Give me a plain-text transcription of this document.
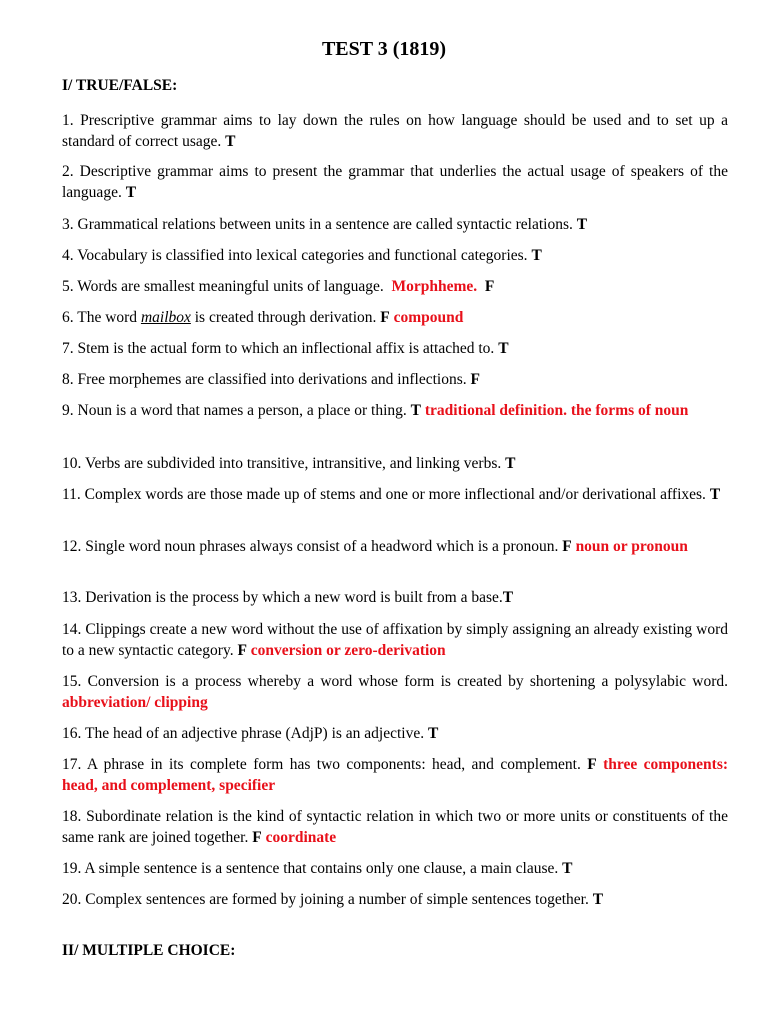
TEST 3 (1819)
I/ TRUE/FALSE:
1. Prescriptive grammar aims to lay down the rules on how language should be used and to set up a standard of correct usage. T
2. Descriptive grammar aims to present the grammar that underlies the actual usage of speakers of the language. T
3. Grammatical relations between units in a sentence are called syntactic relations. T
4. Vocabulary is classified into lexical categories and functional categories. T
5. Words are smallest meaningful units of language. Morphheme. F
6. The word mailbox is created through derivation. F compound
7. Stem is the actual form to which an inflectional affix is attached to. T
8. Free morphemes are classified into derivations and inflections. F
9. Noun is a word that names a person, a place or thing. T traditional definition. the forms of noun
10. Verbs are subdivided into transitive, intransitive, and linking verbs. T
11. Complex words are those made up of stems and one or more inflectional and/or derivational affixes. T
12. Single word noun phrases always consist of a headword which is a pronoun. F noun or pronoun
13. Derivation is the process by which a new word is built from a base.T
14. Clippings create a new word without the use of affixation by simply assigning an already existing word to a new syntactic category. F conversion or zero-derivation
15. Conversion is a process whereby a word whose form is created by shortening a polysylabic word. abbreviation/ clipping
16. The head of an adjective phrase (AdjP) is an adjective. T
17. A phrase in its complete form has two components: head, and complement. F three components: head, and complement, specifier
18. Subordinate relation is the kind of syntactic relation in which two or more units or constituents of the same rank are joined together. F coordinate
19. A simple sentence is a sentence that contains only one clause, a main clause. T
20. Complex sentences are formed by joining a number of simple sentences together. T
II/ MULTIPLE CHOICE:
